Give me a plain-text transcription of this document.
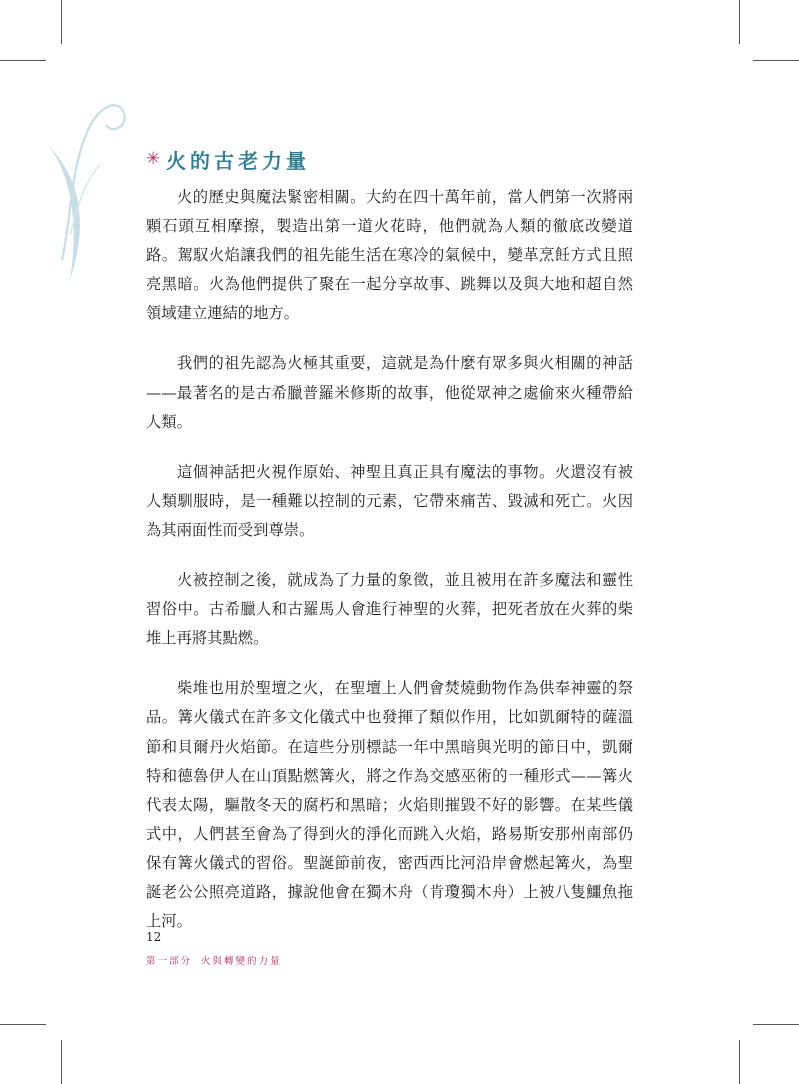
✳ 火的古老力量

火的歷史與魔法緊密相關。大約在四十萬年前，當人們第一次將兩顆石頭互相摩擦，製造出第一道火花時，他們就為人類的徹底改變道路。駕馭火焰讓我們的祖先能生活在寒冷的氣候中，變革烹飪方式且照亮黑暗。火為他們提供了聚在一起分享故事、跳舞以及與大地和超自然領域建立連結的地方。

我們的祖先認為火極其重要，這就是為什麼有眾多與火相關的神話——最著名的是古希臘普羅米修斯的故事，他從眾神之處偷來火種帶給人類。

這個神話把火視作原始、神聖且真正具有魔法的事物。火還沒有被人類馴服時，是一種難以控制的元素，它帶來痛苦、毀滅和死亡。火因為其兩面性而受到尊崇。

火被控制之後，就成為了力量的象徵，並且被用在許多魔法和靈性習俗中。古希臘人和古羅馬人會進行神聖的火葬，把死者放在火葬的柴堆上再將其點燃。

柴堆也用於聖壇之火，在聖壇上人們會焚燒動物作為供奉神靈的祭品。篝火儀式在許多文化儀式中也發揮了類似作用，比如凱爾特的薩溫節和貝爾丹火焰節。在這些分別標誌一年中黑暗與光明的節日中，凱爾特和德魯伊人在山頂點燃篝火，將之作為交感巫術的一種形式——篝火代表太陽，驅散冬天的腐朽和黑暗；火焰則摧毀不好的影響。在某些儀式中，人們甚至會為了得到火的淨化而跳入火焰，路易斯安那州南部仍保有篝火儀式的習俗。聖誕節前夜，密西西比河沿岸會燃起篝火，為聖誕老公公照亮道路，據說他會在獨木舟（肯瓊獨木舟）上被八隻鱷魚拖上河。

12
第一部分 火與轉變的力量
